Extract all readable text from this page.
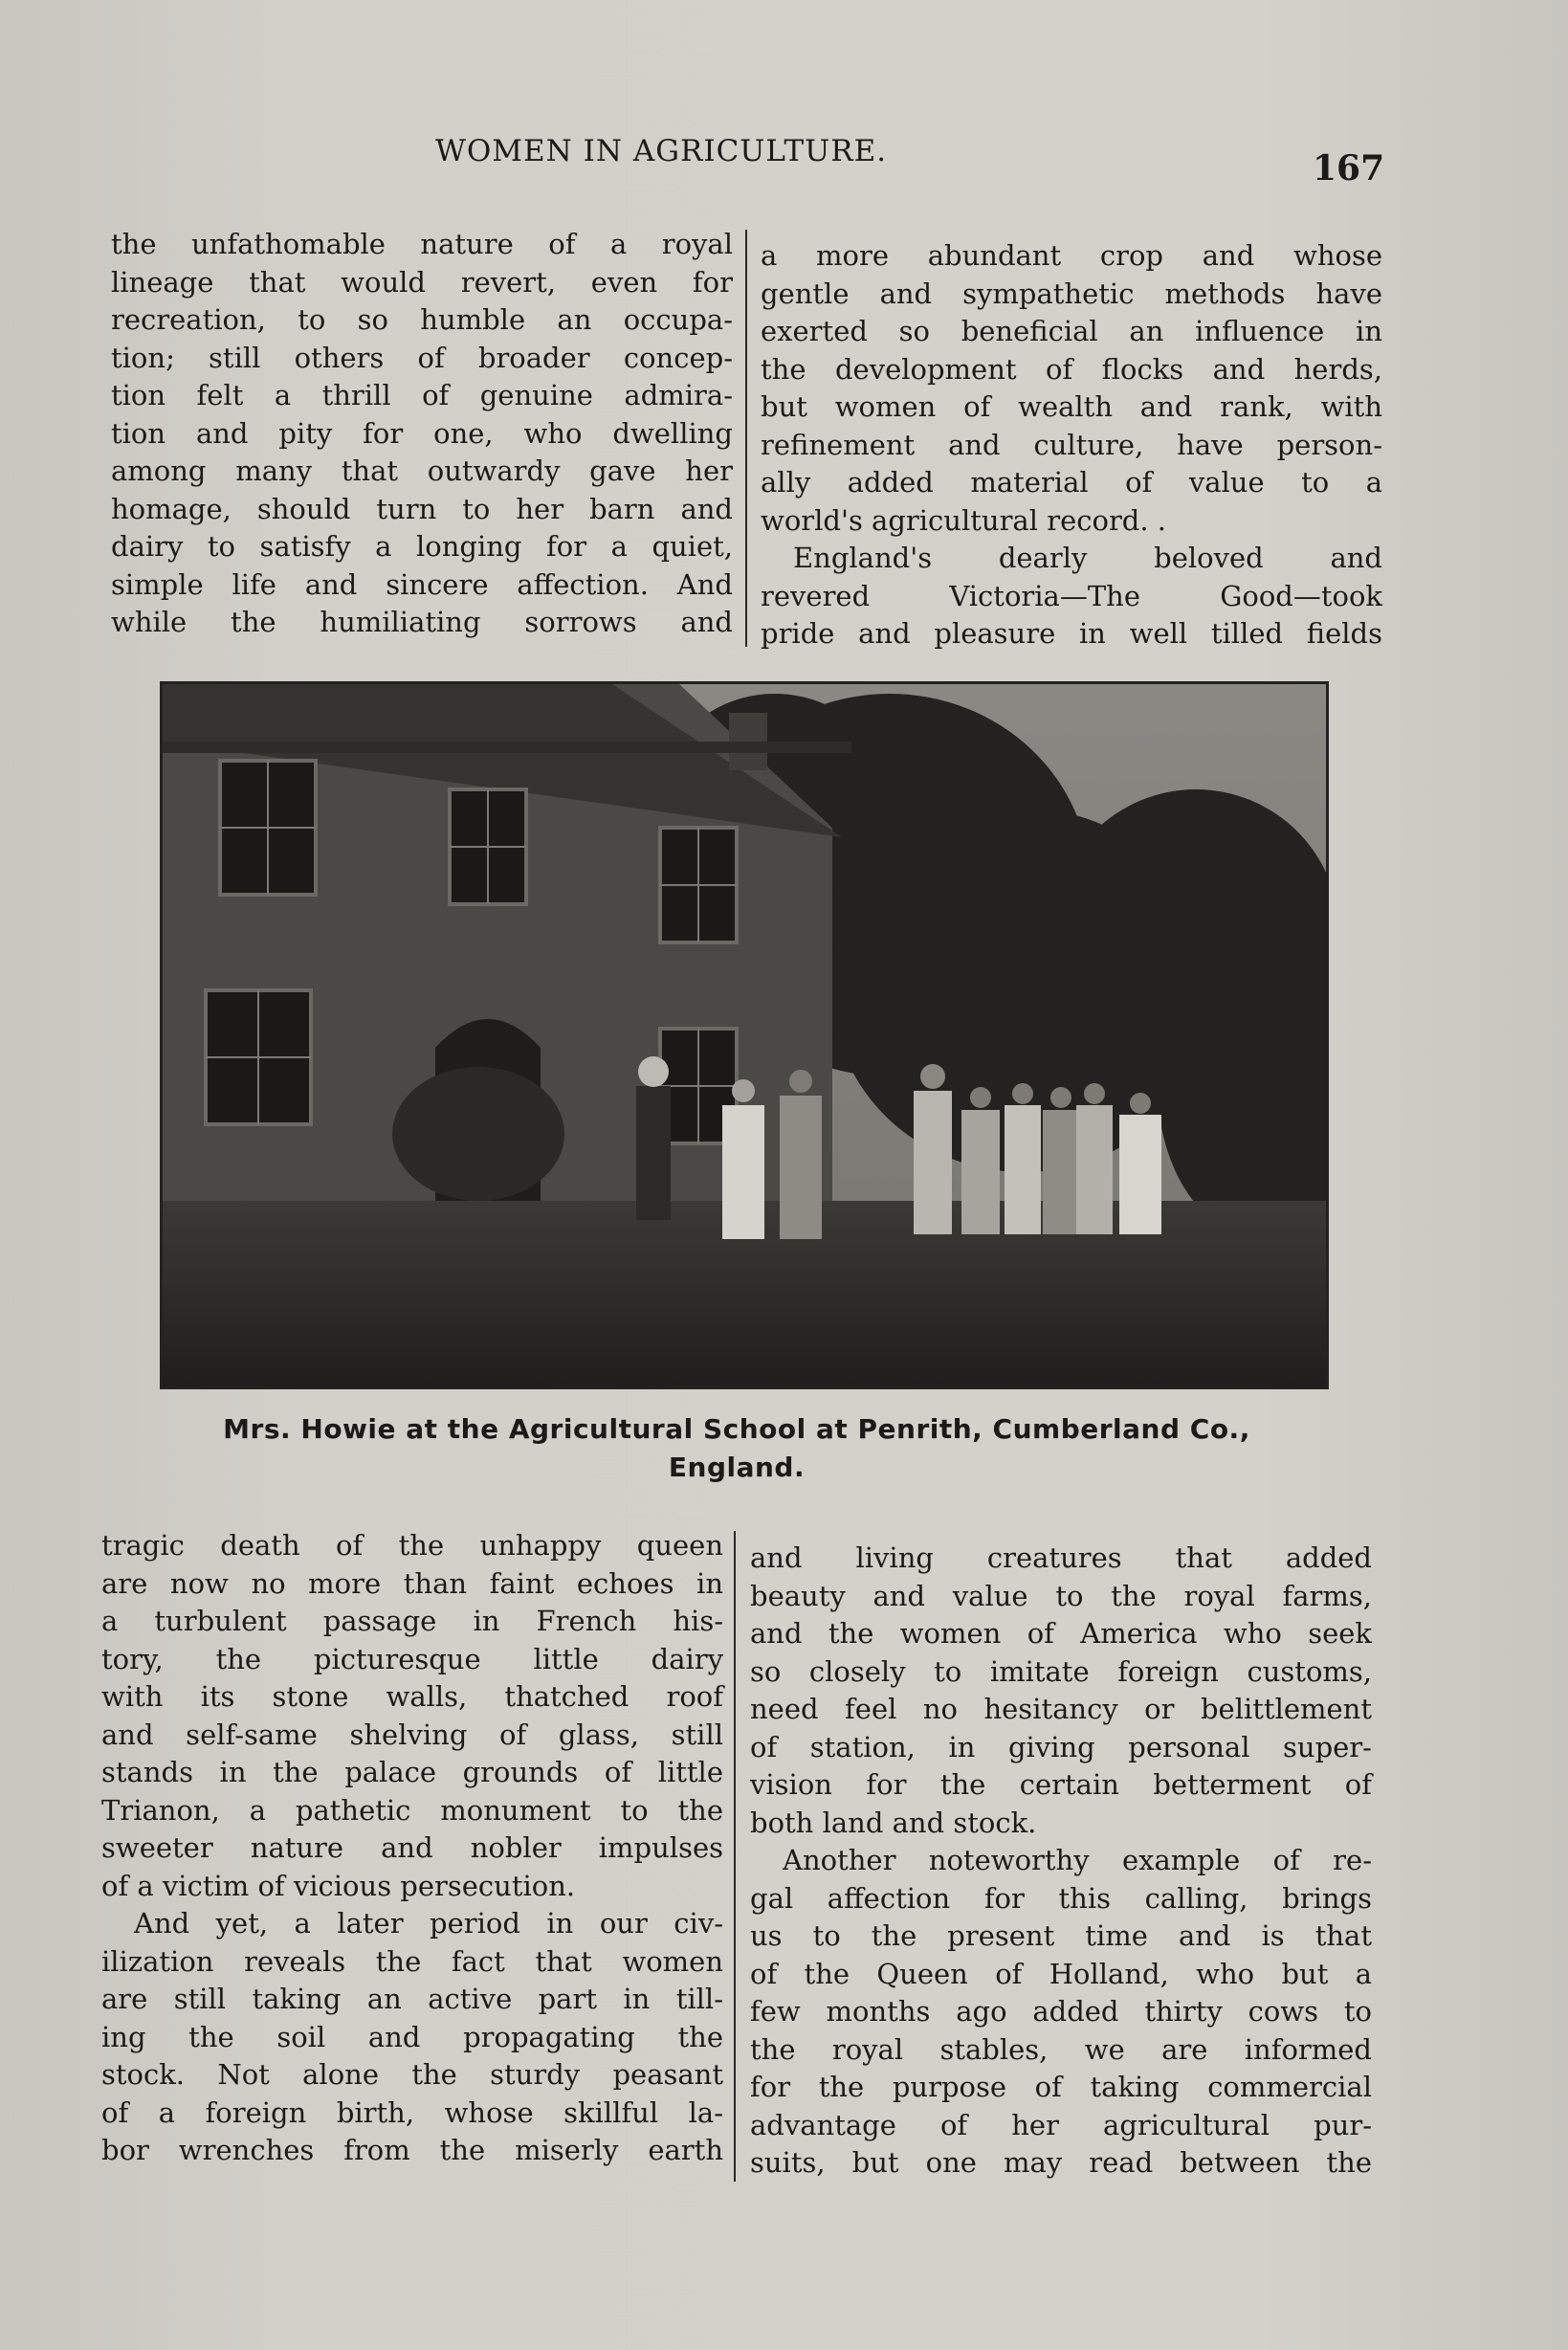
WOMEN IN AGRICULTURE.	167
the unfathomable nature of a royal
lineage that would revert, even for
recreation, to so humble an occupa-
tion; still others of broader concep-
tion felt a thrill of genuine admira-
tion and pity for one, who dwelling
among many that outwardy gave her
homage, should turn to her barn and
dairy to satisfy a longing for a quiet,
simple life and sincere affection. And
while the humiliating sorrows and
a more abundant crop and whose
gentle and sympathetic methods have
exerted so beneficial an influence in
the development of flocks and herds,
but women of wealth and rank, with
refinement and culture, have person-
ally added material of value to a
world's agricultural record. .
England's dearly beloved and
revered Victoria—The Good—took
pride and pleasure in well tilled fields
Mrs. Howie at the Agricultural School at Penrith, Cumberland Co.,
England.
tragic death of the unhappy queen
are now no more than faint echoes in
a turbulent passage in French his-
tory, the picturesque little dairy
with its stone walls, thatched roof
and self-same shelving of glass, still
stands in the palace grounds of little
Trianon, a pathetic monument to the
sweeter nature and nobler impulses
of a victim of vicious persecution.
And yet, a later period in our civ-
ilization reveals the fact that women
are still taking an active part in till-
ing the soil and propagating the
stock. Not alone the sturdy peasant
of a foreign birth, whose skillful la-
bor wrenches from the miserly earth
and living creatures that added
beauty and value to the royal farms,
and the women of America who seek
so closely to imitate foreign customs,
need feel no hesitancy or belittlement
of station, in giving personal super-
vision for the certain betterment of
both land and stock.
Another noteworthy example of re-
gal affection for this calling, brings
us to the present time and is that
of the Queen of Holland, who but a
few months ago added thirty cows to
the royal stables, we are informed
for the purpose of taking commercial
advantage of her agricultural pur-
suits, but one may read between the
